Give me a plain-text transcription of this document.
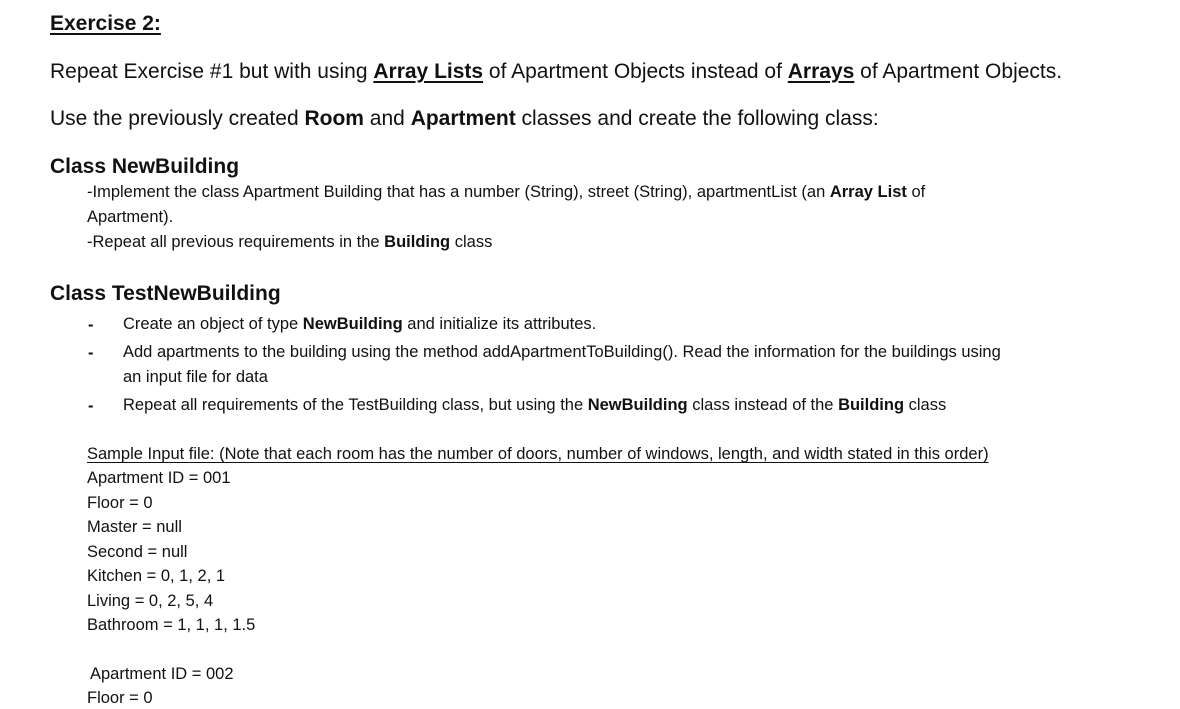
Exercise 2:
Repeat Exercise #1 but with using Array Lists of Apartment Objects instead of Arrays of Apartment Objects.
Use the previously created Room and Apartment classes and create the following class:
Class NewBuilding
-Implement the class Apartment Building that has a number (String), street (String), apartmentList (an Array List of
Apartment).
-Repeat all previous requirements in the Building class
Class TestNewBuilding
- Create an object of type NewBuilding and initialize its attributes.
- Add apartments to the building using the method addApartmentToBuilding(). Read the information for the buildings using
an input file for data
- Repeat all requirements of the TestBuilding class, but using the NewBuilding class instead of the Building class
Sample Input file: (Note that each room has the number of doors, number of windows, length, and width stated in this order)
Apartment ID = 001
Floor = 0
Master = null
Second = null
Kitchen = 0, 1, 2, 1
Living = 0, 2, 5, 4
Bathroom = 1, 1, 1, 1.5
Apartment ID = 002
Floor = 0
